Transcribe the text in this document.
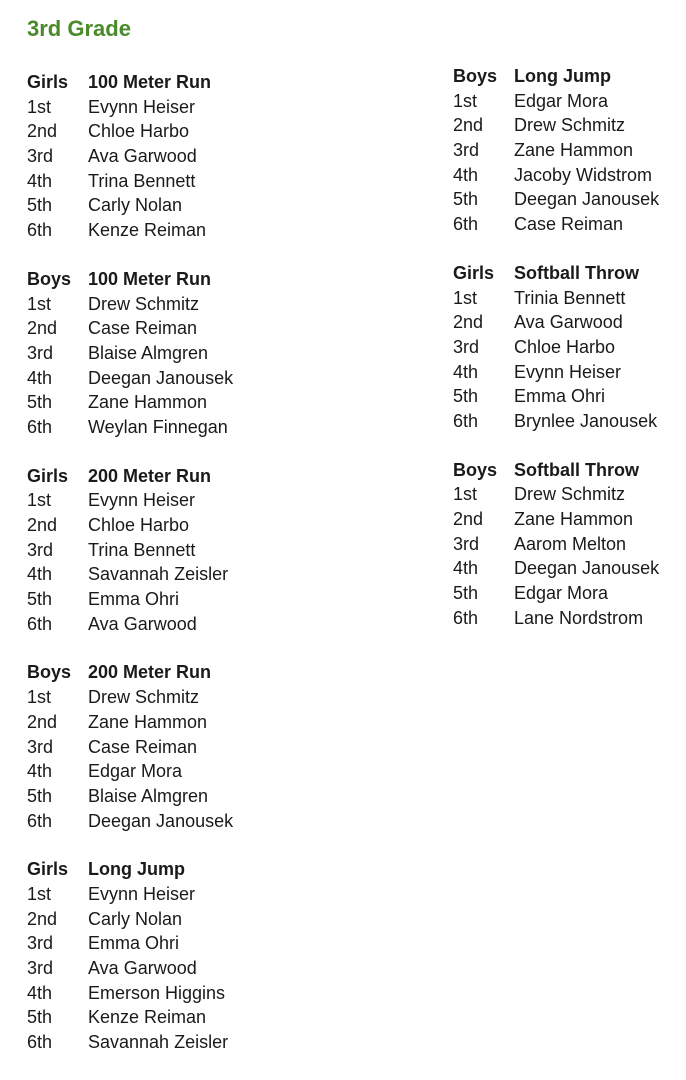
3rd Grade
Girls	100 Meter Run
1st	Evynn Heiser
2nd	Chloe Harbo
3rd	Ava Garwood
4th	Trina Bennett
5th	Carly Nolan
6th	Kenze Reiman
Boys 100 Meter Run
1st	Drew Schmitz
2nd	Case Reiman
3rd	Blaise Almgren
4th	Deegan Janousek
5th	Zane Hammon
6th	Weylan Finnegan
Girls	200 Meter Run
1st	Evynn Heiser
2nd	Chloe Harbo
3rd	Trina Bennett
4th	Savannah Zeisler
5th	Emma Ohri
6th	Ava Garwood
Boys 200 Meter Run
1st	Drew Schmitz
2nd	Zane Hammon
3rd	Case Reiman
4th	Edgar Mora
5th	Blaise Almgren
6th	Deegan Janousek
Girls	Long Jump
1st	Evynn Heiser
2nd	Carly Nolan
3rd	Emma Ohri
3rd	Ava Garwood
4th	Emerson Higgins
5th	Kenze Reiman
6th	Savannah Zeisler
Boys Long Jump
1st	Edgar Mora
2nd	Drew Schmitz
3rd	Zane Hammon
4th	Jacoby Widstrom
5th	Deegan Janousek
6th	Case Reiman
Girls	Softball Throw
1st	Trinia Bennett
2nd	Ava Garwood
3rd	Chloe Harbo
4th	Evynn Heiser
5th	Emma Ohri
6th	Brynlee Janousek
Boys Softball Throw
1st	Drew Schmitz
2nd	Zane Hammon
3rd	Aarom Melton
4th	Deegan Janousek
5th	Edgar Mora
6th	Lane Nordstrom
